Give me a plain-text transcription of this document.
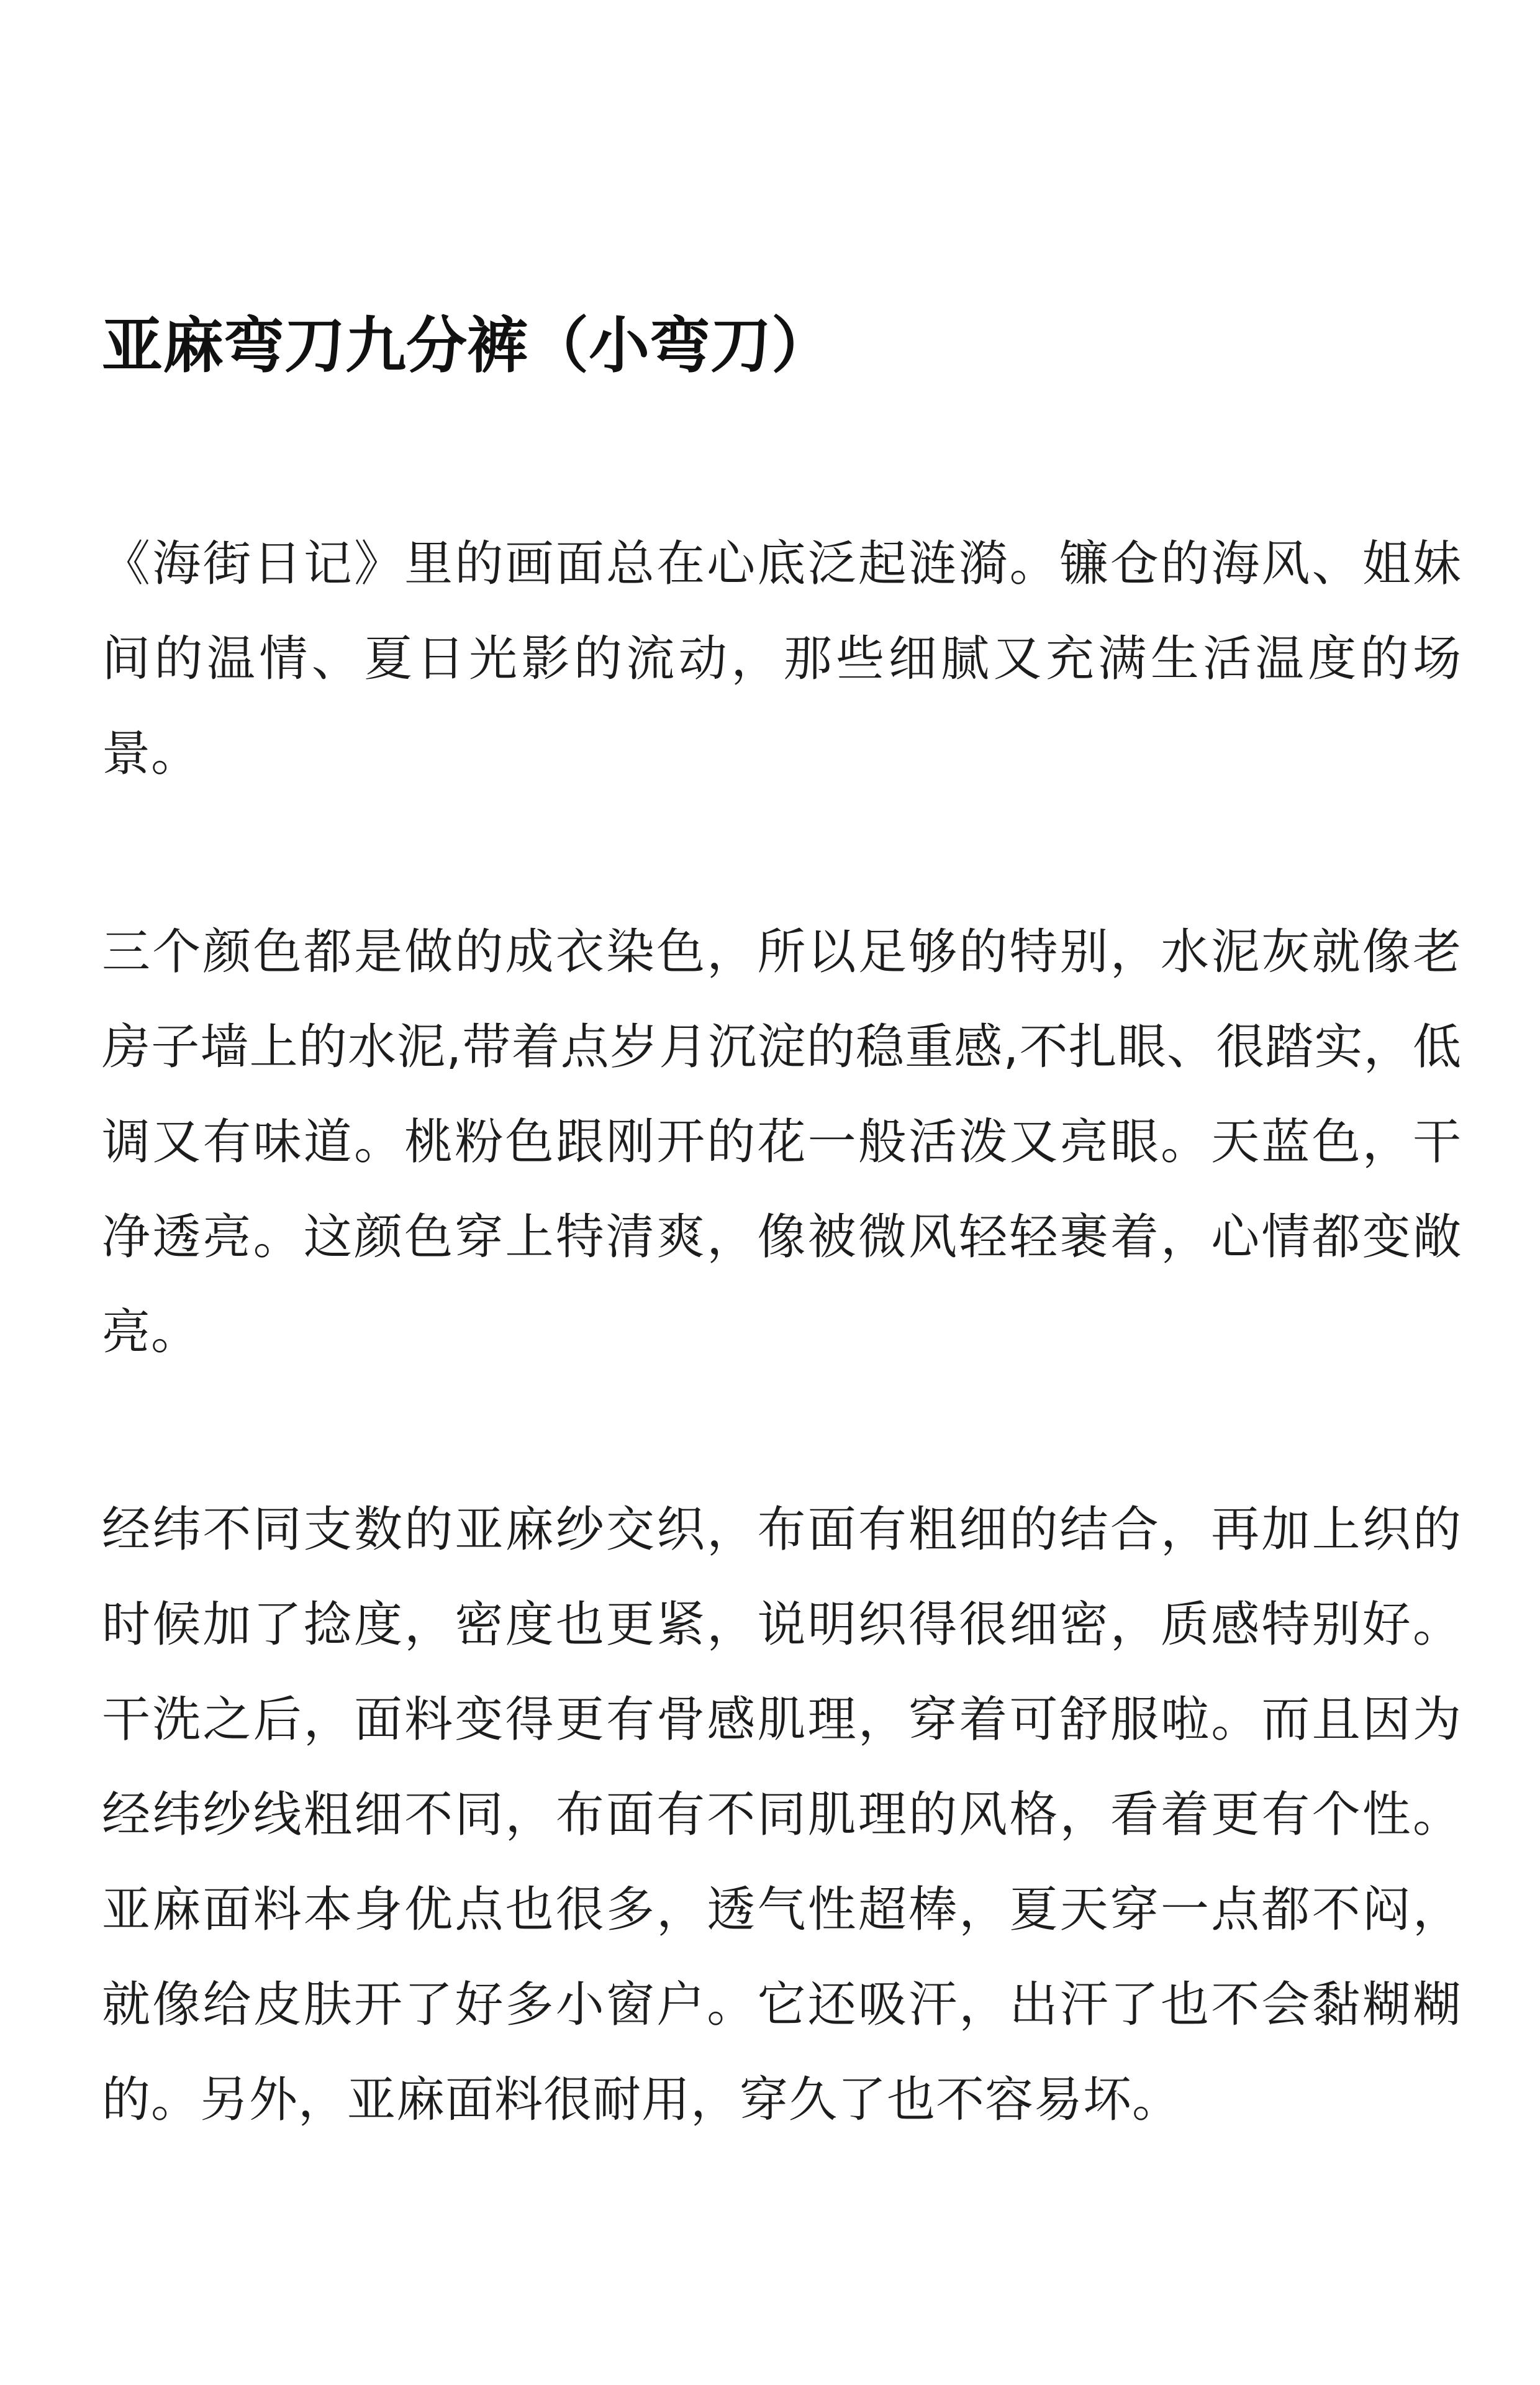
亚麻弯刀九分裤（小弯刀）

《海街日记》里的画面总在心底泛起涟漪。镰仓的海风、姐妹间的温情、夏日光影的流动，那些细腻又充满生活温度的场景。

三个颜色都是做的成衣染色，所以足够的特别，水泥灰就像老房子墙上的水泥,带着点岁月沉淀的稳重感,不扎眼、很踏实，低调又有味道。桃粉色跟刚开的花一般活泼又亮眼。天蓝色，干净透亮。这颜色穿上特清爽，像被微风轻轻裹着，心情都变敞亮。

经纬不同支数的亚麻纱交织，布面有粗细的结合，再加上织的时候加了捻度，密度也更紧，说明织得很细密，质感特别好。干洗之后，面料变得更有骨感肌理，穿着可舒服啦。而且因为经纬纱线粗细不同，布面有不同肌理的风格，看着更有个性。亚麻面料本身优点也很多，透气性超棒，夏天穿一点都不闷，就像给皮肤开了好多小窗户。它还吸汗，出汗了也不会黏糊糊的。另外，亚麻面料很耐用，穿久了也不容易坏。
